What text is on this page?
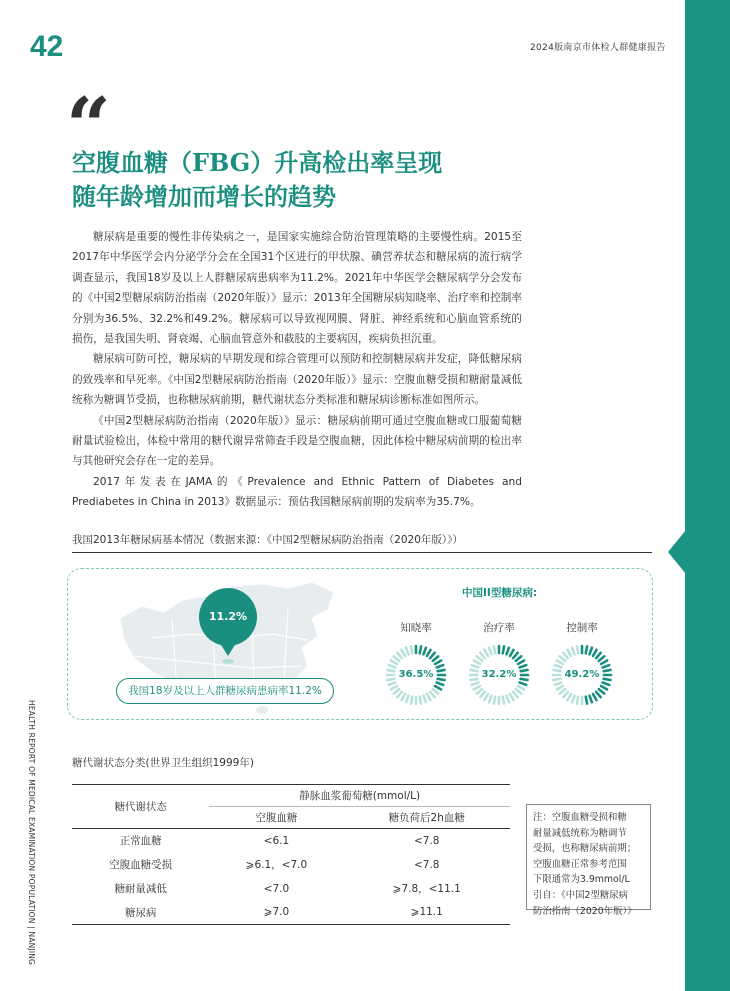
42	2024版南京市体检人群健康报告
“
空腹血糖（FBG）升高检出率呈现
随年龄增加而增长的趋势

糖尿病是重要的慢性非传染病之一，是国家实施综合防治管理策略的主要慢性病。2015至2017年中华医学会内分泌学分会在全国31个区进行的甲状腺、碘营养状态和糖尿病的流行病学调查显示，我国18岁及以上人群糖尿病患病率为11.2%。2021年中华医学会糖尿病学分会发布的《中国2型糖尿病防治指南（2020年版）》显示：2013年全国糖尿病知晓率、治疗率和控制率分别为36.5%、32.2%和49.2%。糖尿病可以导致视网膜、肾脏、神经系统和心脑血管系统的损伤，是我国失明、肾衰竭、心脑血管意外和截肢的主要病因，疾病负担沉重。

糖尿病可防可控，糖尿病的早期发现和综合管理可以预防和控制糖尿病并发症，降低糖尿病的致残率和早死率。《中国2型糖尿病防治指南（2020年版）》显示：空腹血糖受损和糖耐量减低统称为糖调节受损，也称糖尿病前期，糖代谢状态分类标准和糖尿病诊断标准如图所示。

《中国2型糖尿病防治指南（2020年版）》显示：糖尿病前期可通过空腹血糖或口服葡萄糖耐量试验检出，体检中常用的糖代谢异常筛查手段是空腹血糖，因此体检中糖尿病前期的检出率与其他研究会存在一定的差异。

2017年发表在JAMA的《Prevalence and Ethnic Pattern of Diabetes and Prediabetes in China in 2013》数据显示：预估我国糖尿病前期的发病率为35.7%。

HEALTH REPORT OF MEDICAL EXAMINATION POPULATION | NANJING
我国2013年糖尿病基本情况（数据来源：《中国2型糖尿病防治指南（2020年版）》）
11.2%
我国18岁及以上人群糖尿病患病率11.2%
中国II型糖尿病:
知晓率	治疗率	控制率
36.5%	32.2%	49.2%
糖代谢状态分类(世界卫生组织1999年)
糖代谢状态	静脉血浆葡萄糖(mmol/L)	
	空腹血糖	糖负荷后2h血糖
正常血糖	<6.1	<7.8
空腹血糖受损	⩾6.1，<7.0	<7.8
糖耐量减低	<7.0	⩾7.8，<11.1
糖尿病	⩾7.0	⩾11.1
注：空腹血糖受损和糖
耐量减低统称为糖调节
受损，也称糖尿病前期；
空腹血糖正常参考范围
下限通常为3.9mmol/L
引自：《中国2型糖尿病
防治指南（2020年版）》
